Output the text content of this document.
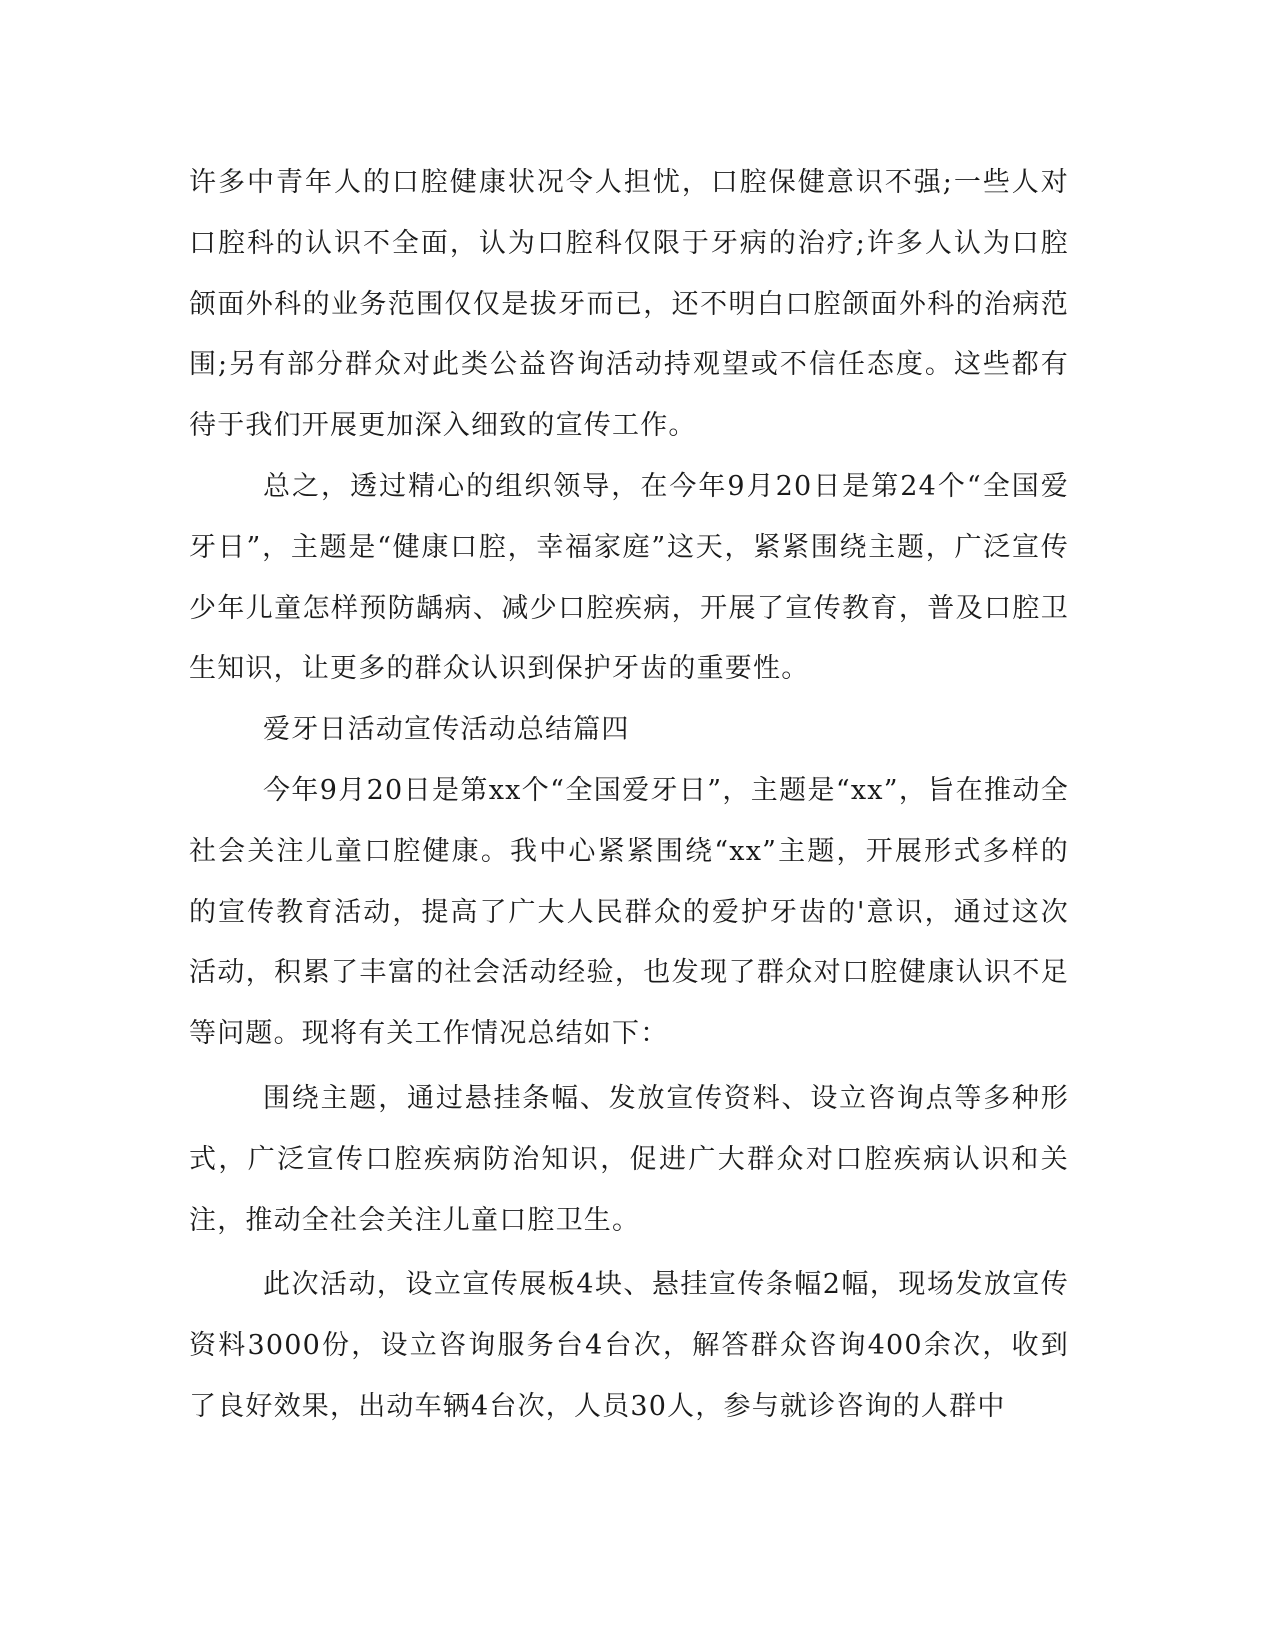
许多中青年人的口腔健康状况令人担忧，口腔保健意识不强;一些人对口腔科的认识不全面，认为口腔科仅限于牙病的治疗;许多人认为口腔颌面外科的业务范围仅仅是拔牙而已，还不明白口腔颌面外科的治病范围;另有部分群众对此类公益咨询活动持观望或不信任态度。这些都有待于我们开展更加深入细致的宣传工作。

总之，透过精心的组织领导，在今年9月20日是第24个“全国爱牙日”，主题是“健康口腔，幸福家庭”这天，紧紧围绕主题，广泛宣传少年儿童怎样预防龋病、减少口腔疾病，开展了宣传教育，普及口腔卫生知识，让更多的群众认识到保护牙齿的重要性。

爱牙日活动宣传活动总结篇四

今年9月20日是第xx个“全国爱牙日”，主题是“xx”，旨在推动全社会关注儿童口腔健康。我中心紧紧围绕“xx”主题，开展形式多样的的宣传教育活动，提高了广大人民群众的爱护牙齿的'意识，通过这次活动，积累了丰富的社会活动经验，也发现了群众对口腔健康认识不足等问题。现将有关工作情况总结如下：

围绕主题，通过悬挂条幅、发放宣传资料、设立咨询点等多种形式，广泛宣传口腔疾病防治知识，促进广大群众对口腔疾病认识和关注，推动全社会关注儿童口腔卫生。

此次活动，设立宣传展板4块、悬挂宣传条幅2幅，现场发放宣传资料3000份，设立咨询服务台4台次，解答群众咨询400余次，收到了良好效果，出动车辆4台次，人员30人，参与就诊咨询的人群中
